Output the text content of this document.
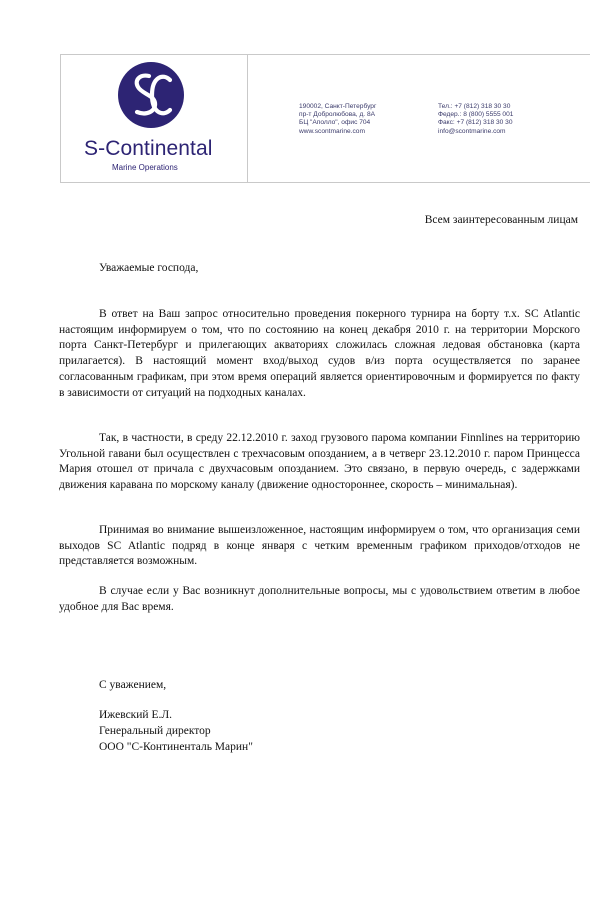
S-Continental
Marine Operations
190002, Санкт-Петербург
пр-т Добролюбова, д. 8А
БЦ "Аполло", офис 704
www.scontmarine.com
Тел.: +7 (812) 318 30 30
Федер.: 8 (800) 5555 001
Факс: +7 (812) 318 30 30
info@scontmarine.com
Всем заинтересованным лицам
Уважаемые господа,

В ответ на Ваш запрос относительно проведения покерного турнира на борту т.х. SC Atlantic настоящим информируем о том, что по состоянию на конец декабря 2010 г. на территории Морского порта Санкт-Петербург и прилегающих акваториях сложилась сложная ледовая обстановка (карта прилагается). В настоящий момент вход/выход судов в/из порта осуществляется по заранее согласованным графикам, при этом время операций является ориентировочным и формируется по факту в зависимости от ситуаций на подходных каналах.

Так, в частности, в среду 22.12.2010 г. заход грузового парома компании Finnlines на территорию Угольной гавани был осуществлен с трехчасовым опозданием, а в четверг 23.12.2010 г. паром Принцесса Мария отошел от причала с двухчасовым опозданием. Это связано, в первую очередь, с задержками движения каравана по морскому каналу (движение одностороннее, скорость – минимальная).

Принимая во внимание вышеизложенное, настоящим информируем о том, что организация семи выходов SC Atlantic подряд в конце января с четким временным графиком приходов/отходов не представляется возможным.

В случае если у Вас возникнут дополнительные вопросы, мы с удовольствием ответим в любое удобное для Вас время.

С уважением,
Ижевский Е.Л.
Генеральный директор
ООО "С-Континенталь Марин"
